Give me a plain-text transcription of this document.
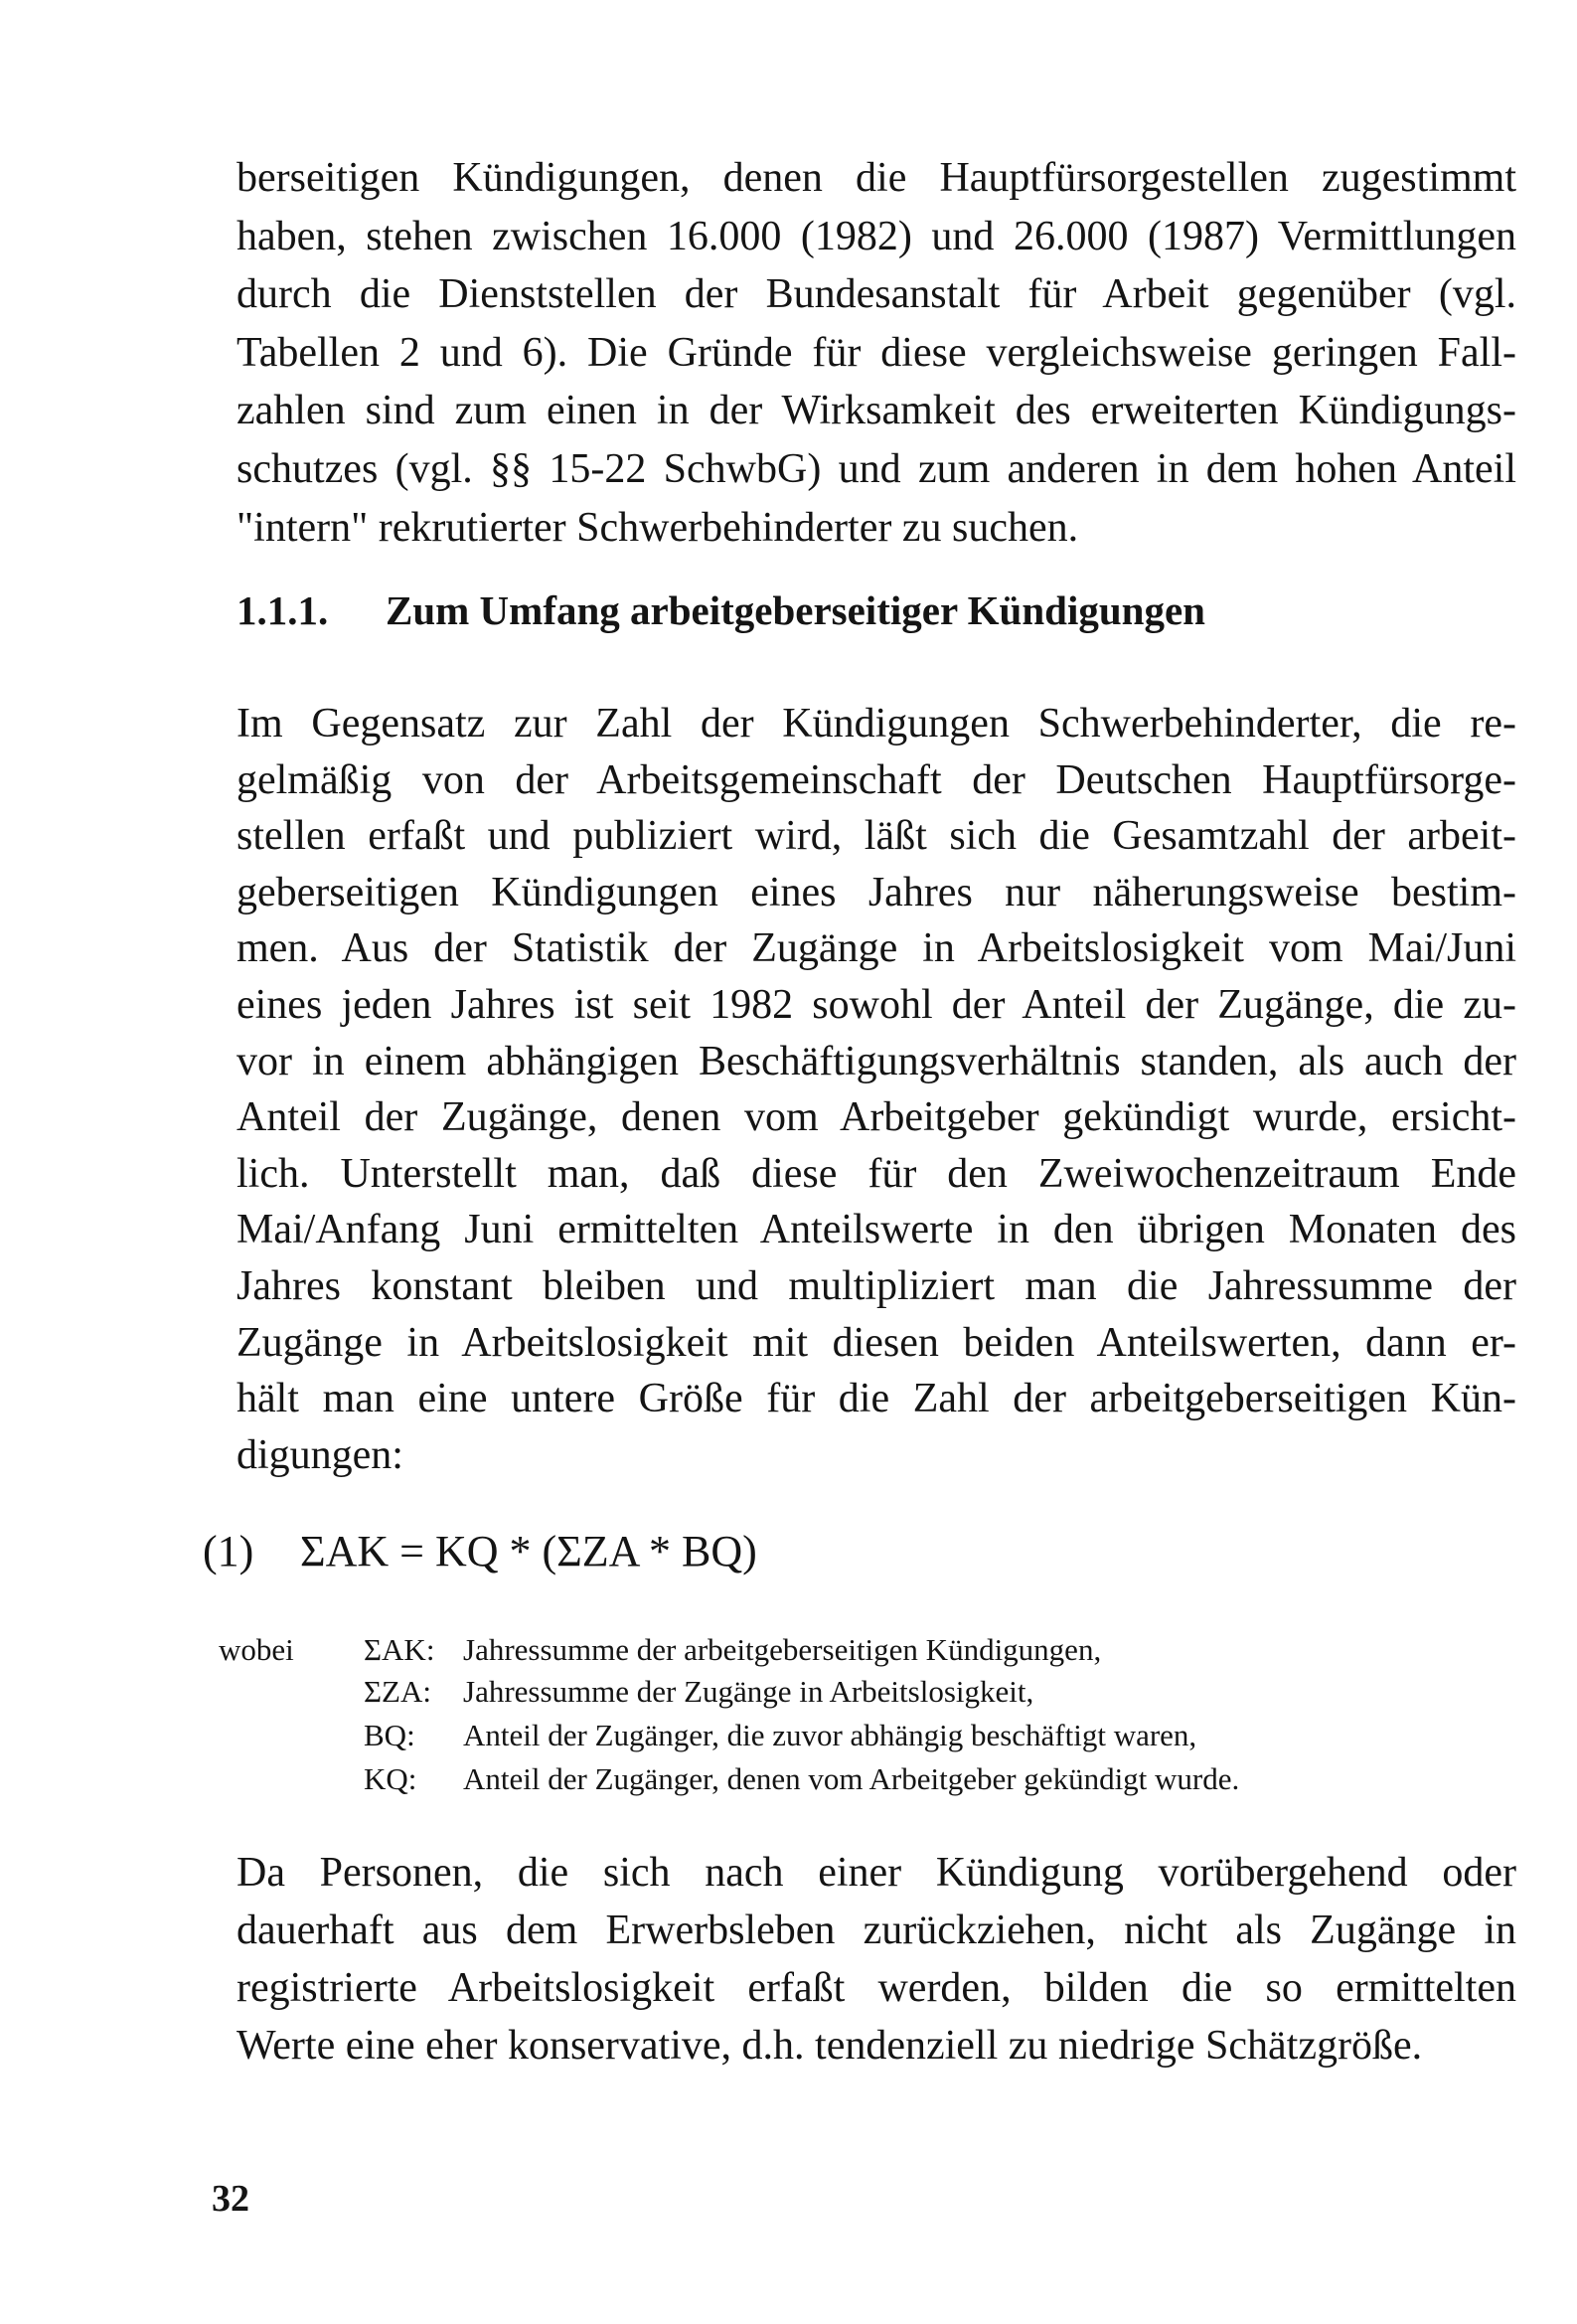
berseitigen Kündigungen, denen die Hauptfürsorgestellen zugestimmt
haben, stehen zwischen 16.000 (1982) und 26.000 (1987) Vermittlungen
durch die Dienststellen der Bundesanstalt für Arbeit gegenüber (vgl.
Tabellen 2 und 6). Die Gründe für diese vergleichsweise geringen Fall-
zahlen sind zum einen in der Wirksamkeit des erweiterten Kündigungs-
schutzes (vgl. §§ 15-22 SchwbG) und zum anderen in dem hohen Anteil
"intern" rekrutierter Schwerbehinderter zu suchen.
1.1.1. Zum Umfang arbeitgeberseitiger Kündigungen
Im Gegensatz zur Zahl der Kündigungen Schwerbehinderter, die re-
gelmäßig von der Arbeitsgemeinschaft der Deutschen Hauptfürsorge-
stellen erfaßt und publiziert wird, läßt sich die Gesamtzahl der arbeit-
geberseitigen Kündigungen eines Jahres nur näherungsweise bestim-
men. Aus der Statistik der Zugänge in Arbeitslosigkeit vom Mai/Juni
eines jeden Jahres ist seit 1982 sowohl der Anteil der Zugänge, die zu-
vor in einem abhängigen Beschäftigungsverhältnis standen, als auch der
Anteil der Zugänge, denen vom Arbeitgeber gekündigt wurde, ersicht-
lich. Unterstellt man, daß diese für den Zweiwochenzeitraum Ende
Mai/Anfang Juni ermittelten Anteilswerte in den übrigen Monaten des
Jahres konstant bleiben und multipliziert man die Jahressumme der
Zugänge in Arbeitslosigkeit mit diesen beiden Anteilswerten, dann er-
hält man eine untere Größe für die Zahl der arbeitgeberseitigen Kün-
digungen:

(1) ΣAK = KQ * (ΣZA * BQ)

wobei	ΣAK: Jahressumme der arbeitgeberseitigen Kündigungen,
ΣZA: Jahressumme der Zugänge in Arbeitslosigkeit,
BQ: Anteil der Zugänger, die zuvor abhängig beschäftigt waren,
KQ: Anteil der Zugänger, denen vom Arbeitgeber gekündigt wurde.
Da Personen, die sich nach einer Kündigung vorübergehend oder
dauerhaft aus dem Erwerbsleben zurückziehen, nicht als Zugänge in
registrierte Arbeitslosigkeit erfaßt werden, bilden die so ermittelten
Werte eine eher konservative, d.h. tendenziell zu niedrige Schätzgröße.

32
